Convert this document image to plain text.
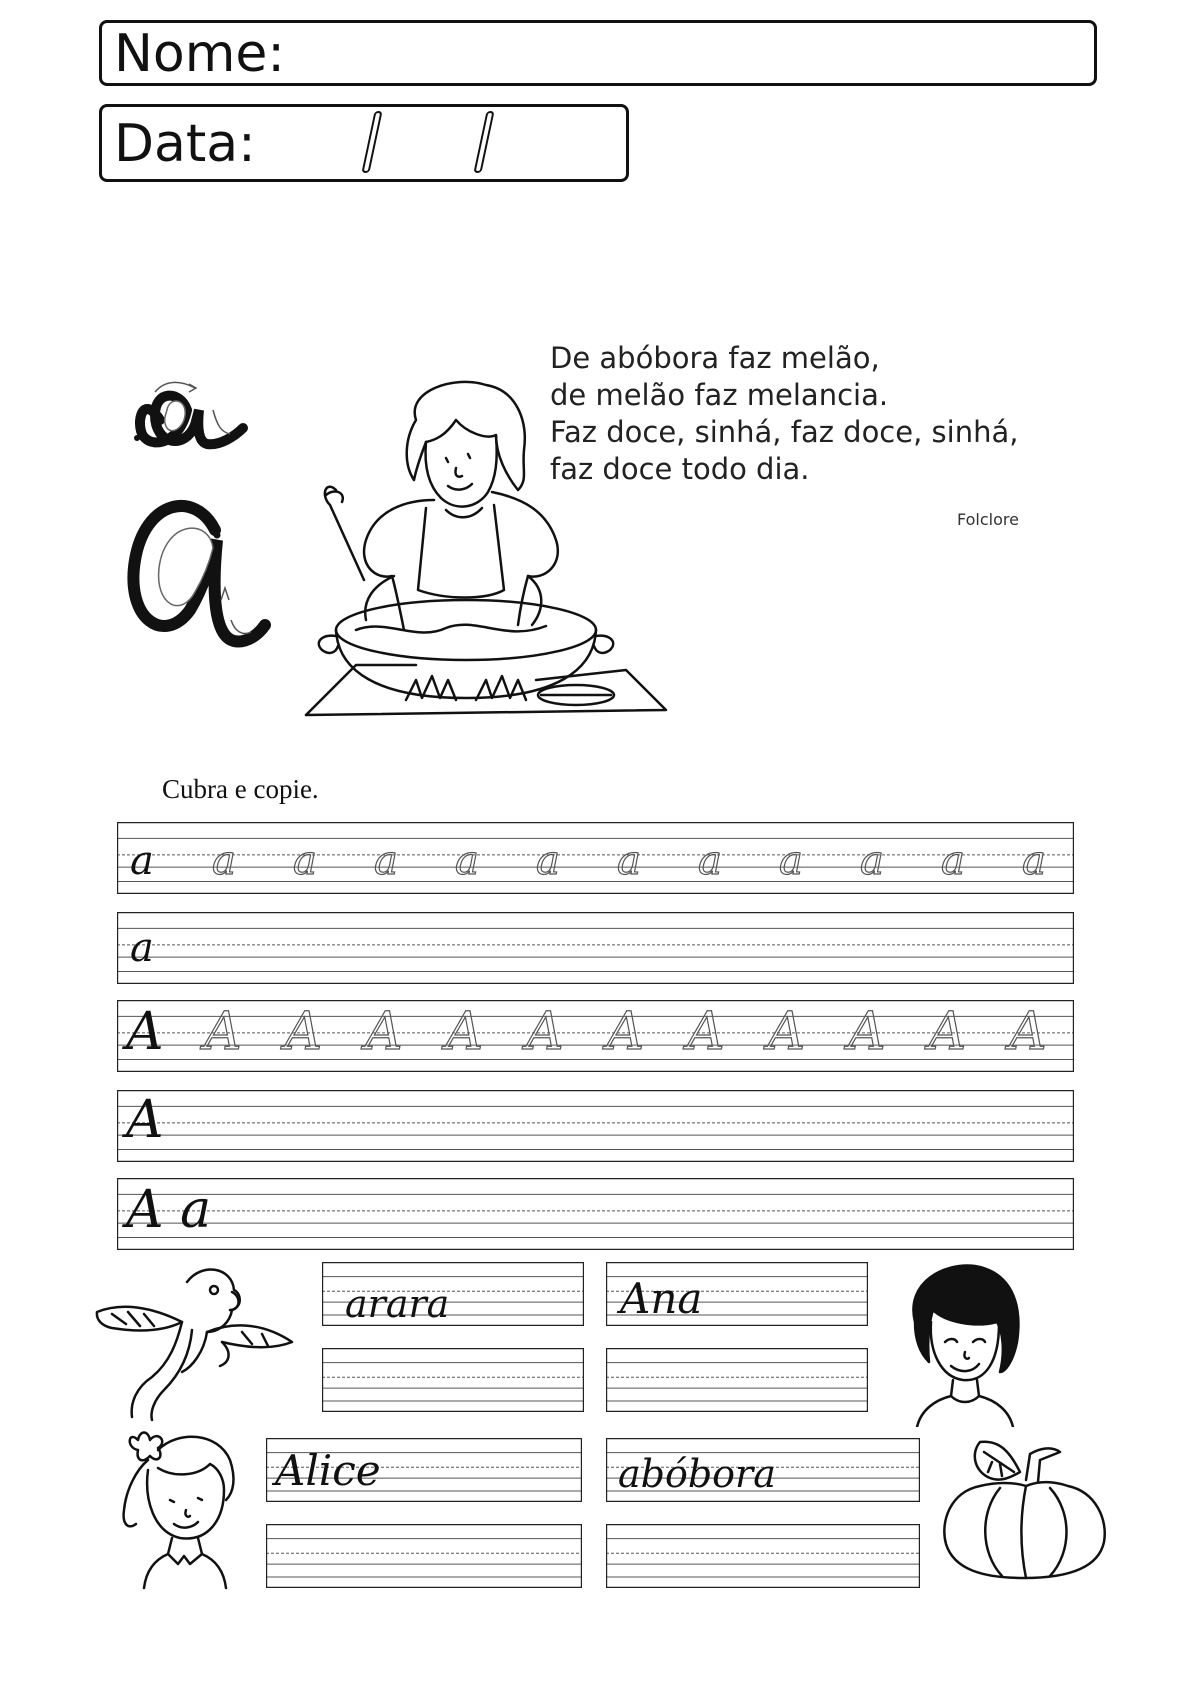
Nome:
Data:
De abóbora faz melão,
de melão faz melancia.
Faz doce, sinhá, faz doce, sinhá,
faz doce todo dia.
Folclore
Cubra e copie.
a a a a a a a a a a a a
a
A A A A A A A A A A A A
A
A a
arara	Ana
Alice	abóbora
